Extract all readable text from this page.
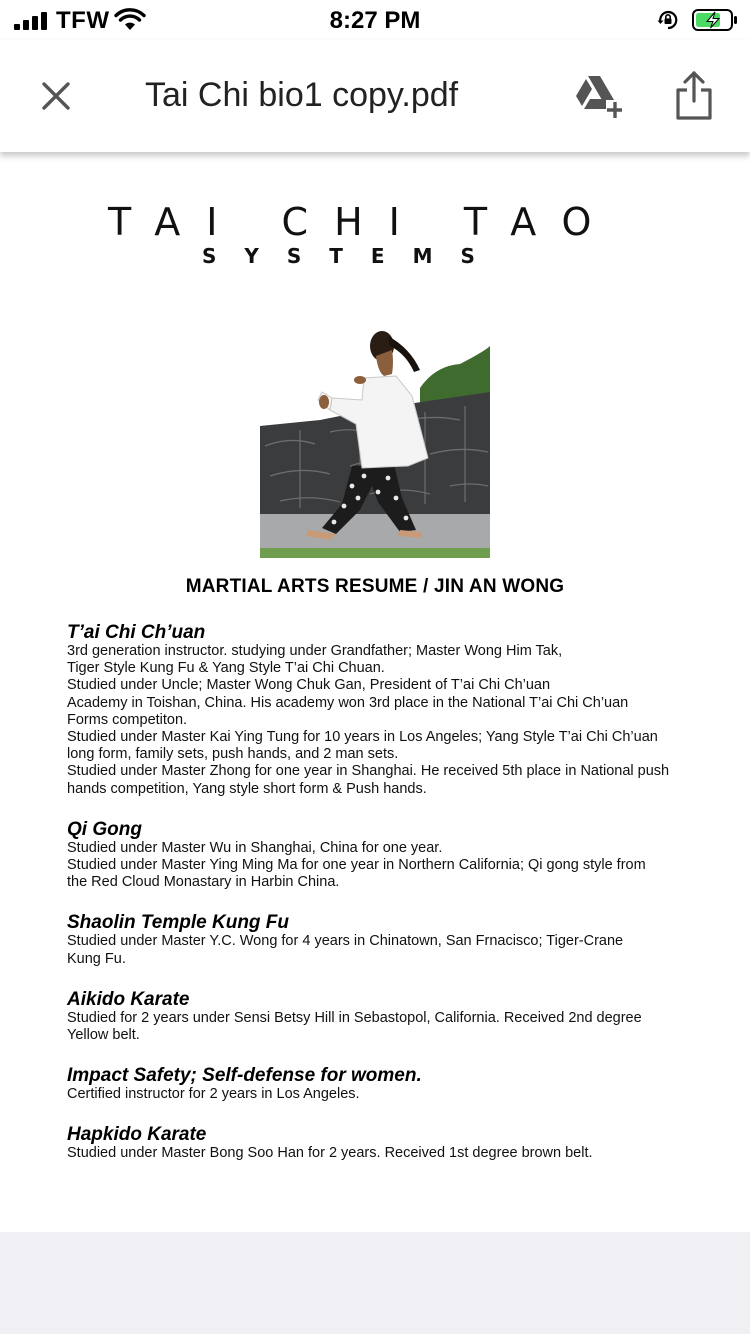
TFW	8:27 PM
Tai Chi bio1 copy.pdf
TAI CHI TAO
SYSTEMS
MARTIAL ARTS RESUME / JIN AN WONG
T’ai Chi Ch’uan

3rd generation instructor. studying under Grandfather; Master Wong Him Tak,
Tiger Style Kung Fu & Yang Style T’ai Chi Chuan.
Studied under Uncle; Master Wong Chuk Gan, President of T’ai Chi Ch’uan
Academy in Toishan, China. His academy won 3rd place in the National T’ai Chi Ch’uan
Forms competiton.
Studied under Master Kai Ying Tung for 10 years in Los Angeles; Yang Style T’ai Chi Ch’uan
long form, family sets, push hands, and 2 man sets.
Studied under Master Zhong for one year in Shanghai. He received 5th place in National push
hands competition, Yang style short form & Push hands.

Qi Gong

Studied under Master Wu in Shanghai, China for one year.
Studied under Master Ying Ming Ma for one year in Northern California; Qi gong style from
the Red Cloud Monastary in Harbin China.

Shaolin Temple Kung Fu

Studied under Master Y.C. Wong for 4 years in Chinatown, San Frnacisco; Tiger-Crane
Kung Fu.

Aikido Karate

Studied for 2 years under Sensi Betsy Hill in Sebastopol, California. Received 2nd degree
Yellow belt.

Impact Safety; Self-defense for women.

Certified instructor for 2 years in Los Angeles.

Hapkido Karate

Studied under Master Bong Soo Han for 2 years. Received 1st degree brown belt.
